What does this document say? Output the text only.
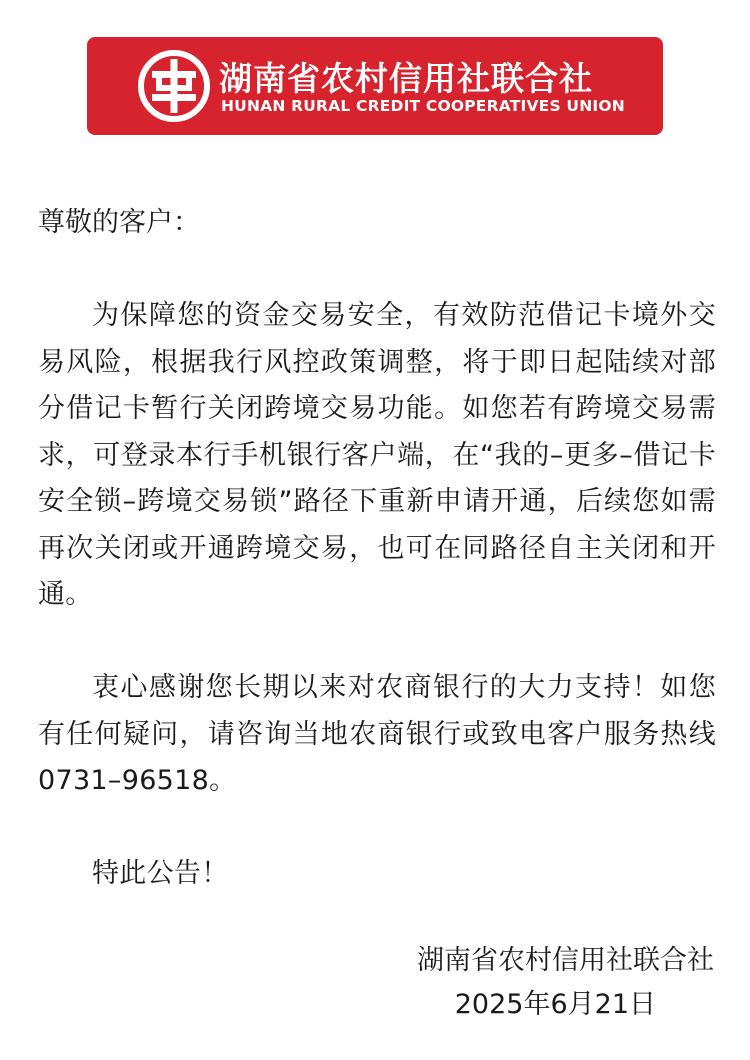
湖南省农村信用社联合社
HUNAN RURAL CREDIT COOPERATIVES UNION

尊敬的客户：

为保障您的资金交易安全，有效防范借记卡境外交易风险，根据我行风控政策调整，将于即日起陆续对部分借记卡暂行关闭跨境交易功能。如您若有跨境交易需求，可登录本行手机银行客户端，在“我的–更多–借记卡安全锁–跨境交易锁”路径下重新申请开通，后续您如需再次关闭或开通跨境交易，也可在同路径自主关闭和开通。

衷心感谢您长期以来对农商银行的大力支持！如您有任何疑问，请咨询当地农商银行或致电客户服务热线0731–96518。

特此公告！

湖南省农村信用社联合社
2025年6月21日
